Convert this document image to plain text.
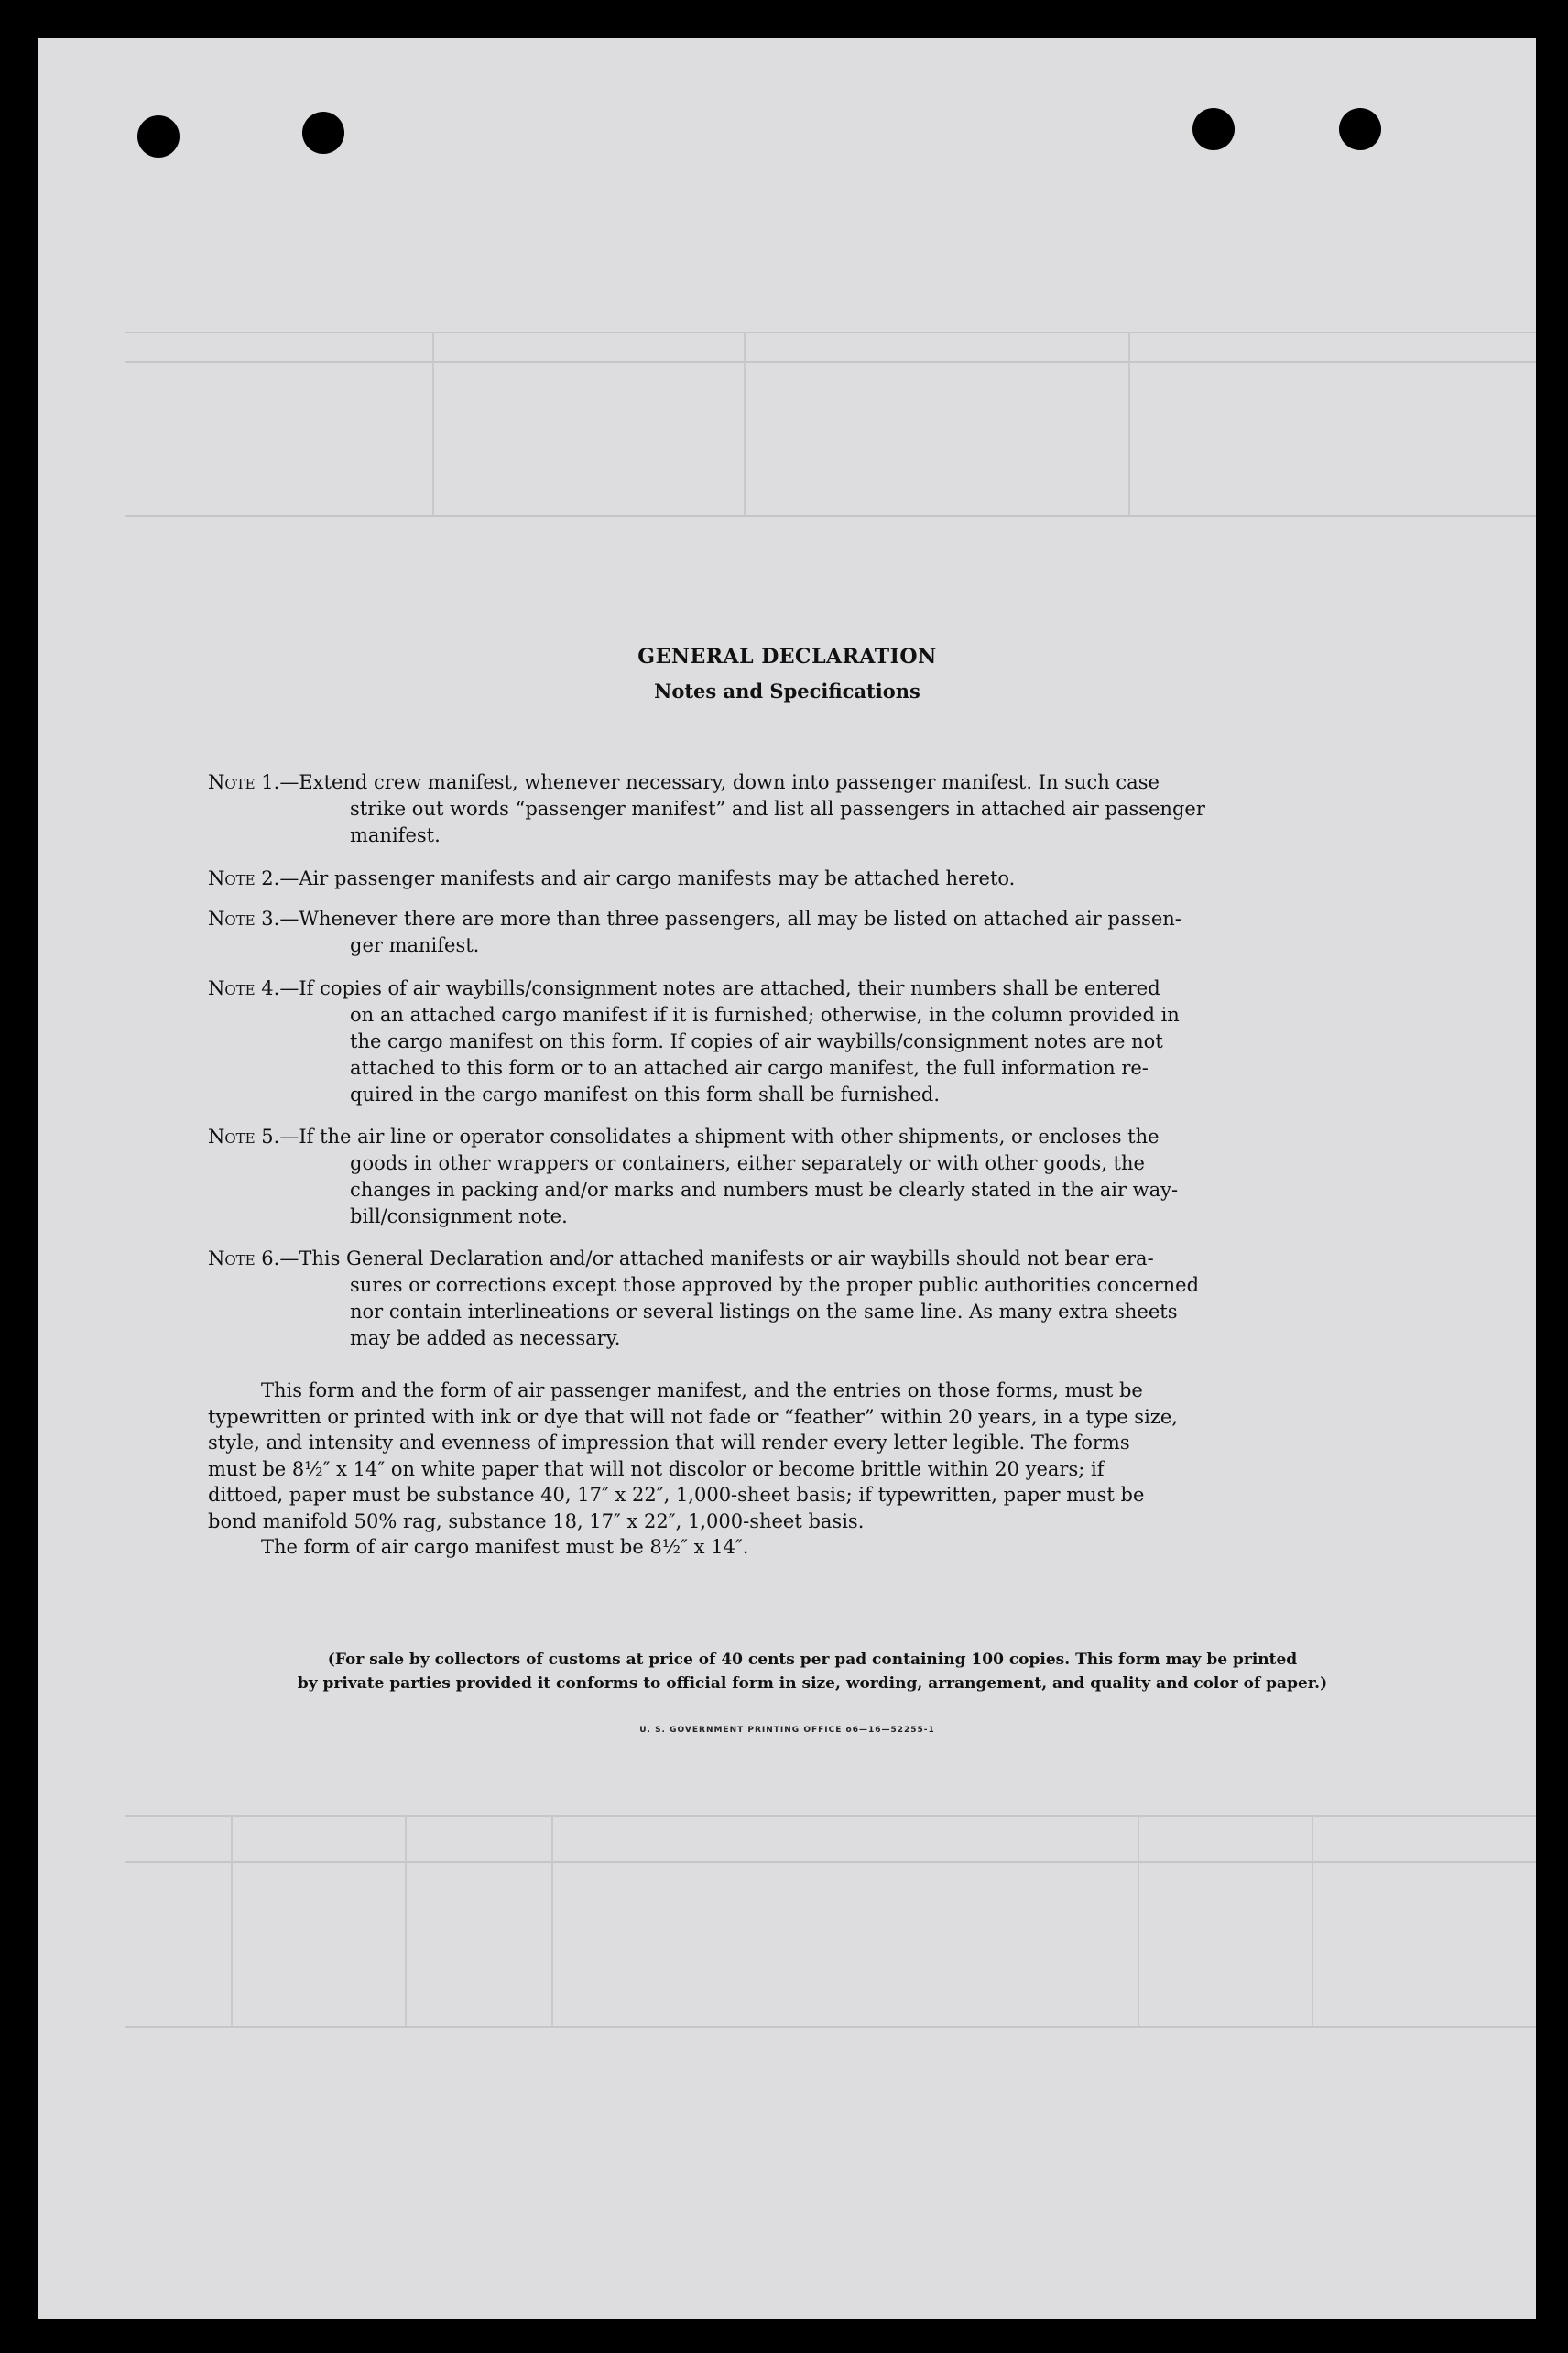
GENERAL DECLARATION
Notes and Specifications
Note 1.—Extend crew manifest, whenever necessary, down into passenger manifest. In such case
strike out words “passenger manifest” and list all passengers in attached air passenger
manifest.
Note 2.—Air passenger manifests and air cargo manifests may be attached hereto.
Note 3.—Whenever there are more than three passengers, all may be listed on attached air passen-
ger manifest.
Note 4.—If copies of air waybills/consignment notes are attached, their numbers shall be entered
on an attached cargo manifest if it is furnished; otherwise, in the column provided in
the cargo manifest on this form. If copies of air waybills/consignment notes are not
attached to this form or to an attached air cargo manifest, the full information re-
quired in the cargo manifest on this form shall be furnished.
Note 5.—If the air line or operator consolidates a shipment with other shipments, or encloses the
goods in other wrappers or containers, either separately or with other goods, the
changes in packing and/or marks and numbers must be clearly stated in the air way-
bill/consignment note.
Note 6.—This General Declaration and/or attached manifests or air waybills should not bear era-
sures or corrections except those approved by the proper public authorities concerned
nor contain interlineations or several listings on the same line. As many extra sheets
may be added as necessary.
This form and the form of air passenger manifest, and the entries on those forms, must be
typewritten or printed with ink or dye that will not fade or “feather” within 20 years, in a type size,
style, and intensity and evenness of impression that will render every letter legible. The forms
must be 8½″ x 14″ on white paper that will not discolor or become brittle within 20 years; if
dittoed, paper must be substance 40, 17″ x 22″, 1,000-sheet basis; if typewritten, paper must be
bond manifold 50% rag, substance 18, 17″ x 22″, 1,000-sheet basis.
The form of air cargo manifest must be 8½″ x 14″.
(For sale by collectors of customs at price of 40 cents per pad containing 100 copies. This form may be printed
by private parties provided it conforms to official form in size, wording, arrangement, and quality and color of paper.)
U. S. GOVERNMENT PRINTING OFFICE o6—16—52255-1
